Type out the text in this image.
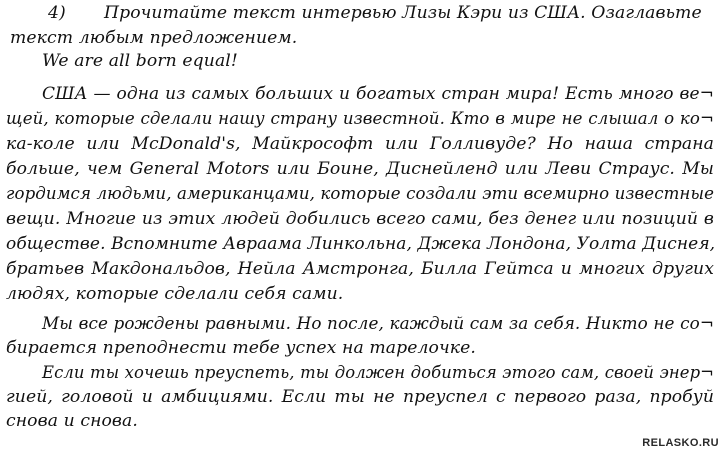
4) Прочитайте текст интервью Лизы Кэри из США. Озаглавьте
текст любым предложением.
We are all born equal!
США — одна из самых больших и богатых стран мира! Есть много ве¬
щей, которые сделали нашу страну известной. Кто в мире не слышал о ко¬
ка-коле или McDonald's, Майкрософт или Голливуде? Но наша страна
больше, чем General Motors или Боине, Диснейленд или Леви Страус. Мы
гордимся людьми, американцами, которые создали эти всемирно известные
вещи. Многие из этих людей добились всего сами, без денег или позиций в
обществе. Вспомните Авраама Линкольна, Джека Лондона, Уолта Диснея,
братьев Макдональдов, Нейла Амстронга, Билла Гейтса и многих других
людях, которые сделали себя сами.
Мы все рождены равными. Но после, каждый сам за себя. Никто не со¬
бирается преподнести тебе успех на тарелочке.
Если ты хочешь преуспеть, ты должен добиться этого сам, своей энер¬
гией, головой и амбициями. Если ты не преуспел с первого раза, пробуй
снова и снова.
RELASKO.RU
